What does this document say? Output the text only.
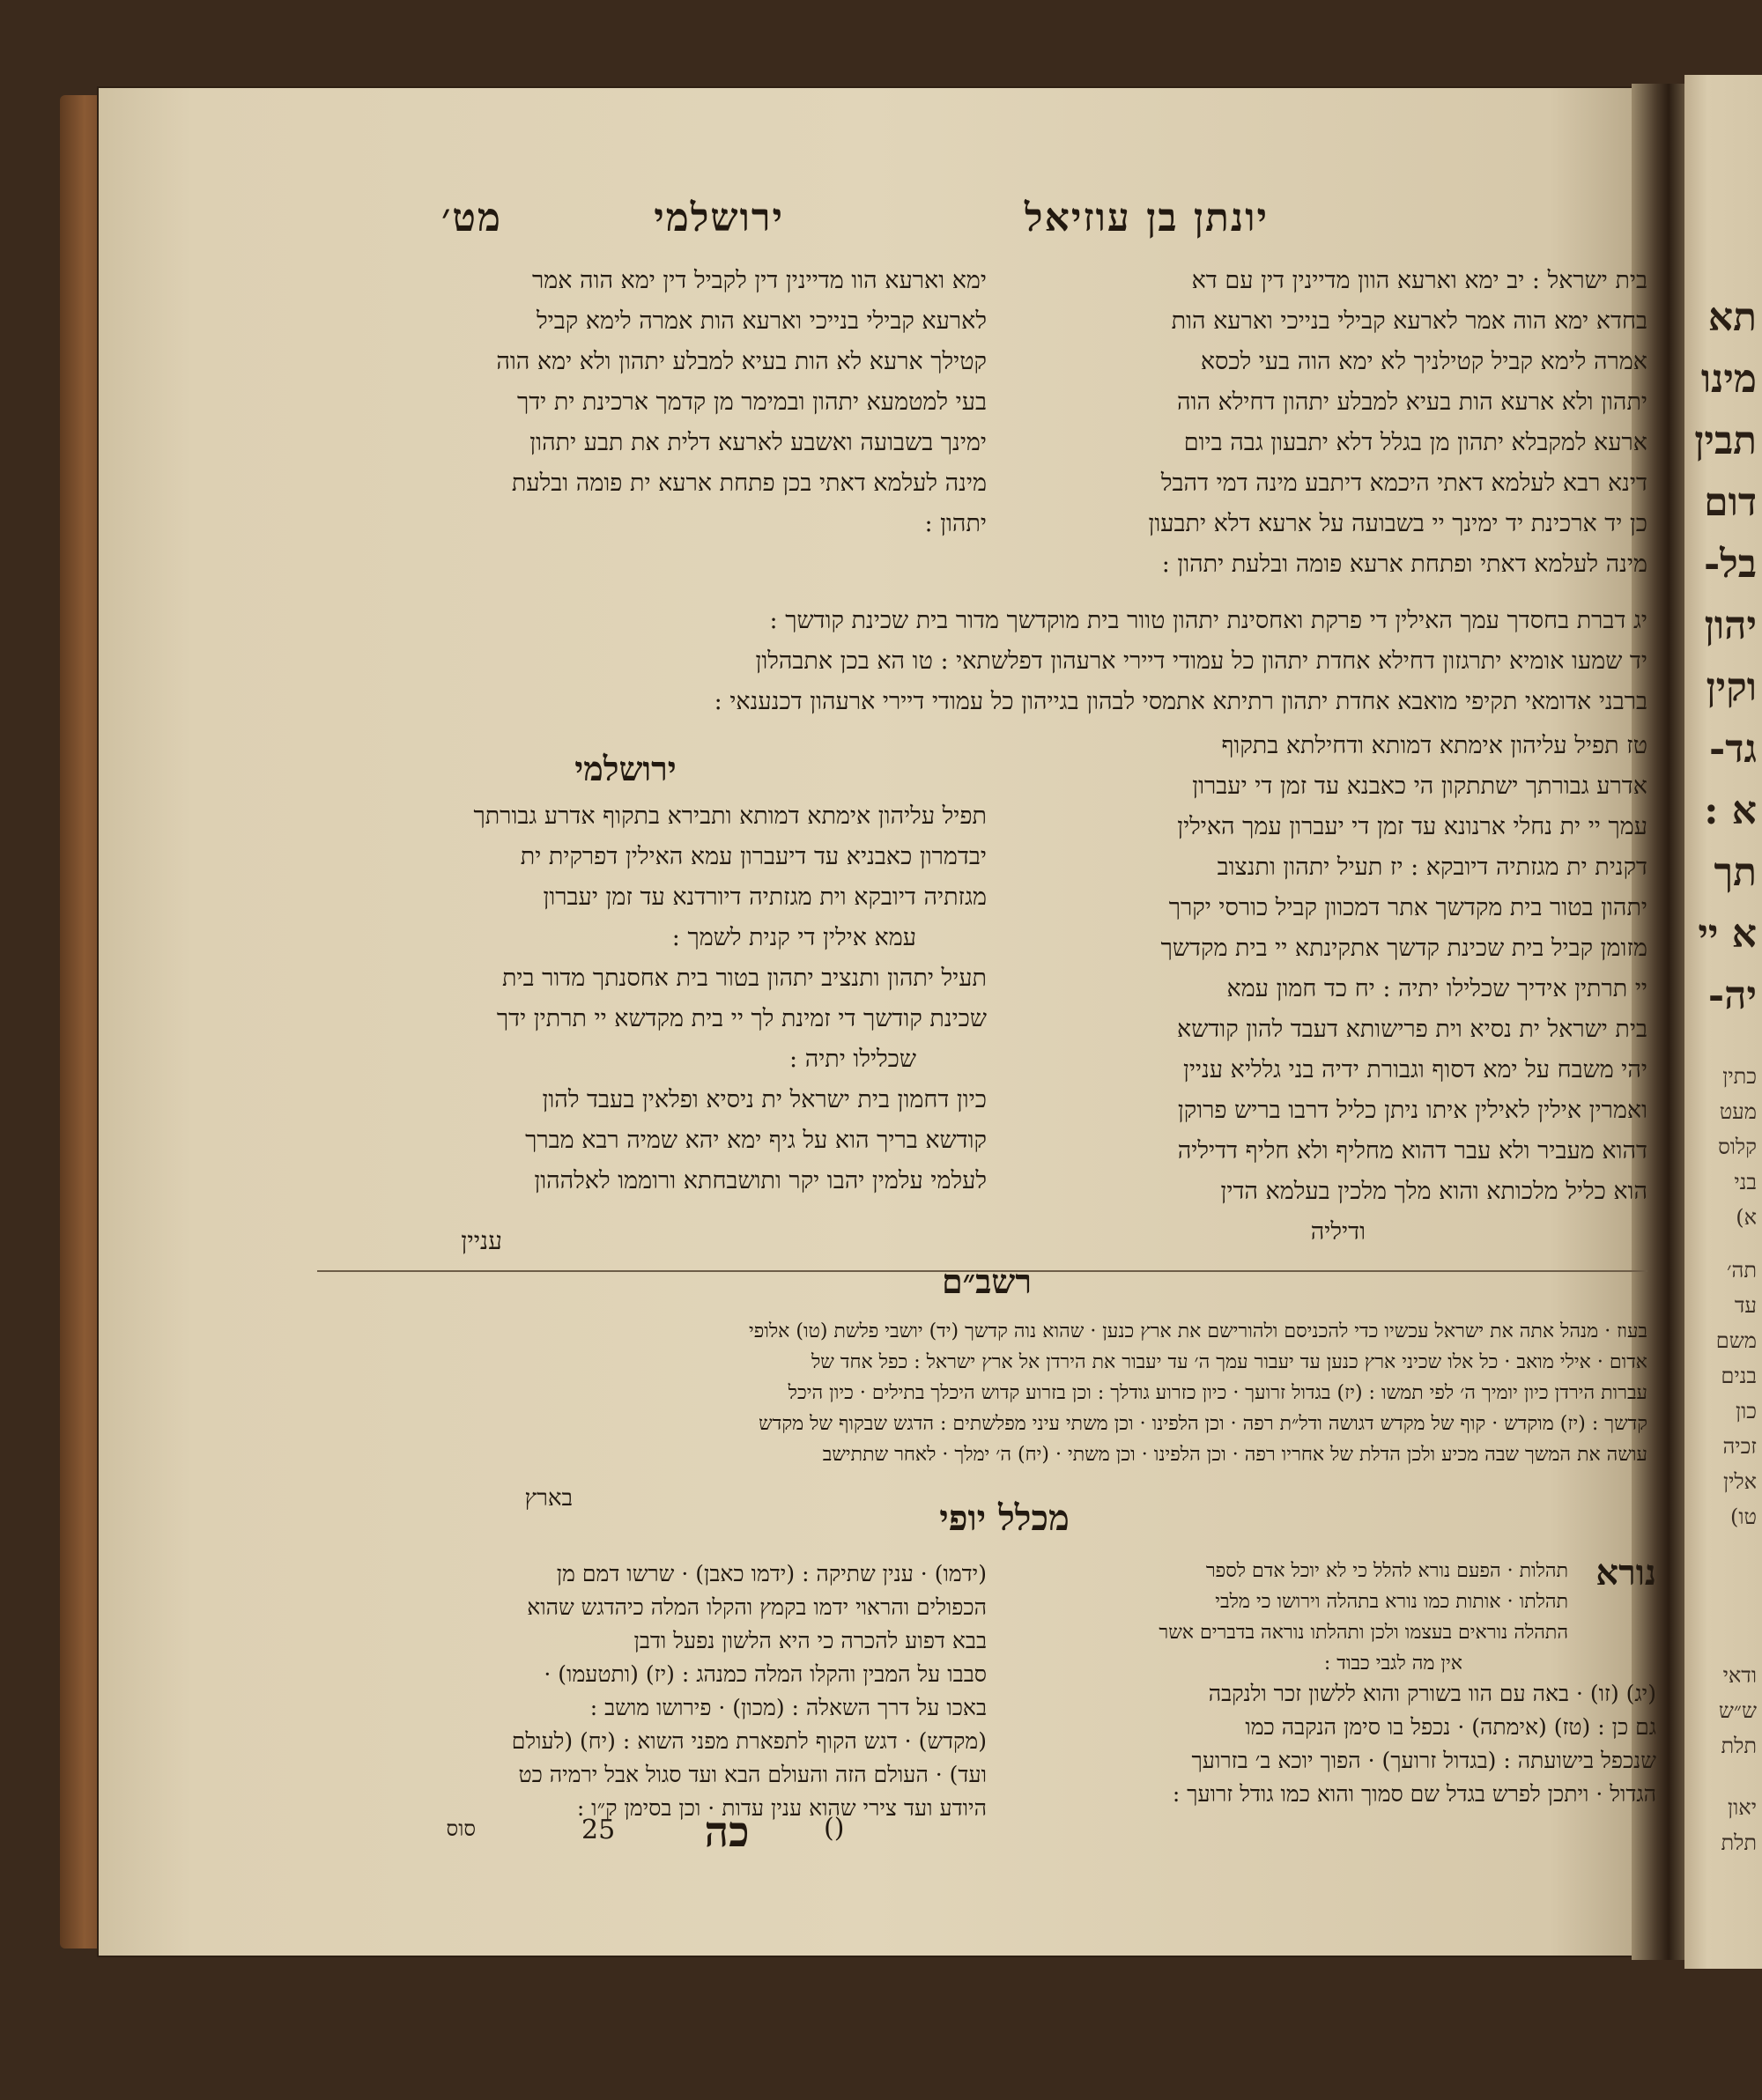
תא
מינו
תבין
דום
בל-
יהון
וקין
גד-
א :
תך
א יי
יה-
כתין
מעט
קלוס
בני
א)
תה׳
עד
משם
בנים
כון
זכיה
אלין
טו)
ודאי
ש״ש
תלת
יאון
תלת
יונתן בן עוזיאל
ירושלמי
מט׳

בית ישראל : יב ימא וארעא הוון מדיינין דין עם דא

בחדא ימא הוה אמר לארעא קבילי בנייכי וארעא הות

אמרה לימא קביל קטילניך לא ימא הוה בעי לכסא

יתהון ולא ארעא הות בעיא למבלע יתהון דחילא הוה

ארעא למקבלא יתהון מן בגלל דלא יתבעון גבה ביום

דינא רבא לעלמא דאתי היכמא דיתבע מינה דמי דהבל

כן יד ארכינת יד ימינך יי בשבועה על ארעא דלא יתבעון

מינה לעלמא דאתי ופתחת ארעא פומה ובלעת יתהון :

ימא וארעא הוו מדיינין דין לקביל דין ימא הוה אמר

לארעא קבילי בנייכי וארעא הות אמרה לימא קביל

קטילך ארעא לא הות בעיא למבלע יתהון ולא ימא הוה

בעי למטמעא יתהון ובמימר מן קדמך ארכינת ית ידך

ימינך בשבועה ואשבע לארעא דלית את תבע יתהון

מינה לעלמא דאתי בכן פתחת ארעא ית פומה ובלעת

יתהון :

יג דברת בחסדך עמך האילין די פרקת ואחסינת יתהון טוור בית מוקדשך מדור בית שכינת קודשך :

יד שמעו אומיא יתרגזון דחילא אחדת יתהון כל עמודי דיירי ארעהון דפלשתאי : טו הא בכן אתבהלון

ברבני אדומאי תקיפי מואבא אחדת יתהון רתיתא אתמסי לבהון בגייהון כל עמודי דיירי ארעהון דכנענאי :

טז תפיל עליהון אימתא דמותא ודחילתא בתקוף

אדרע גבורתך ישתתקון הי כאבנא עד זמן די יעברון

עמך יי ית נחלי ארנונא עד זמן די יעברון עמך האילין

דקנית ית מגזתיה דיובקא : יז תעיל יתהון ותנצוב

יתהון בטור בית מקדשך אתר דמכוון קביל כורסי יקרך

מזומן קביל בית שכינת קדשך אתקינתא יי בית מקדשך

יי תרתין אידיך שכלילו יתיה : יח כד חמון עמא

בית ישראל ית נסיא וית פרישותא דעבד להון קודשא

יהי משבח על ימא דסוף וגבורת ידיה בני גלליא עניין

ואמרין אילין לאילין איתו ניתן כליל דרבו בריש פרוקן

דהוא מעביר ולא עבר דהוא מחליף ולא חליף דדיליה

הוא כליל מלכותא והוא מלך מלכין בעלמא הדין

ודיליה

ירושלמי

תפיל עליהון אימתא דמותא ותבירא בתקוף אדרע גבורתך

יבדמרון כאבניא עד דיעברון עמא האילין דפרקית ית

מגזתיה דיובקא וית מגזתיה דיורדנא עד זמן יעברון

עמא אילין די קנית לשמך :

תעיל יתהון ותנציב יתהון בטור בית אחסנתך מדור בית

שכינת קודשך די זמינת לך יי בית מקדשא יי תרתין ידך

שכלילו יתיה :

כיון דחמון בית ישראל ית ניסיא ופלאין בעבד להון

קודשא בריך הוא על גיף ימא יהא שמיה רבא מברך

לעלמי עלמין יהבו יקר ותושבחתא ורוממו לאלההון

עניין
רשב״ם

בעוז · מנהל אתה את ישראל עכשיו כדי להכניסם ולהורישם את ארץ כנען · שהוא נוה קדשך (יד) יושבי פלשת (טו) אלופי

אדום · אילי מואב · כל אלו שכיני ארץ כנען עד יעבור עמך ה׳ עד יעבור את הירדן אל ארץ ישראל : כפל אחד של

עברות הירדן כיון יומיך ה׳ לפי תמשו : (יז) בגדול זרועך · כיון כזרוע גודלך : וכן בזרוע קדוש היכלך בתילים · כיון היכל

קדשך : (יז) מוקדש · קוף של מקדש דגושה ודל״ת רפה · וכן הלפינו · וכן משתי עיני מפלשתים : הדגש שבקוף של מקדש

עושה את המשך שבה מכיע ולכן הדלת של אחריו רפה · וכן הלפינו · וכן משתי · (יח) ה׳ ימלך · לאחר שתתישב

בארץ	מכלל יופי
נורא

תהלות · הפעם נורא להלל כי לא יוכל אדם לספר

תהלתו · אותות כמו נורא בתהלה וירושו כי מלבי

התהלה נוראים בעצמו ולכן ותהלתו נוראה בדברים אשר

אין מה לגבי כבוד :

(יג) (זו) · באה עם הוו בשורק והוא ללשון זכר ולנקבה

גם כן : (טז) (אימתה) · נכפל בו סימן הנקבה כמו

שנכפל בישועתה : (בגדול זרועך) · הפוך יוכא ב׳ בזרועך

הגדול · ויתכן לפרש בגדל שם סמוך והוא כמו גודל זרועך :

(ידמו) · ענין שתיקה : (ידמו כאבן) · שרשו דמם מן

הכפולים והראוי ידמו בקמץ והקלו המלה כיהדגש שהוא

בבא דפוע להכרה כי היא הלשון נפעל ודבן

סבבו על המבין והקלו המלה כמנהג : (יז) (ותטעמו) ·

באכו על דרך השאלה : (מכון) · פירושו מושב :

(מקדש) · דגש הקוף לתפארת מפני השוא : (יח) (לעולם

ועד) · העולם הזה והעולם הבא ועד סגול אבל ירמיה כט

היודע ועד צירי שהוא ענין עדות · וכן בסימן ק״ו :

כה
25	()
סוס
